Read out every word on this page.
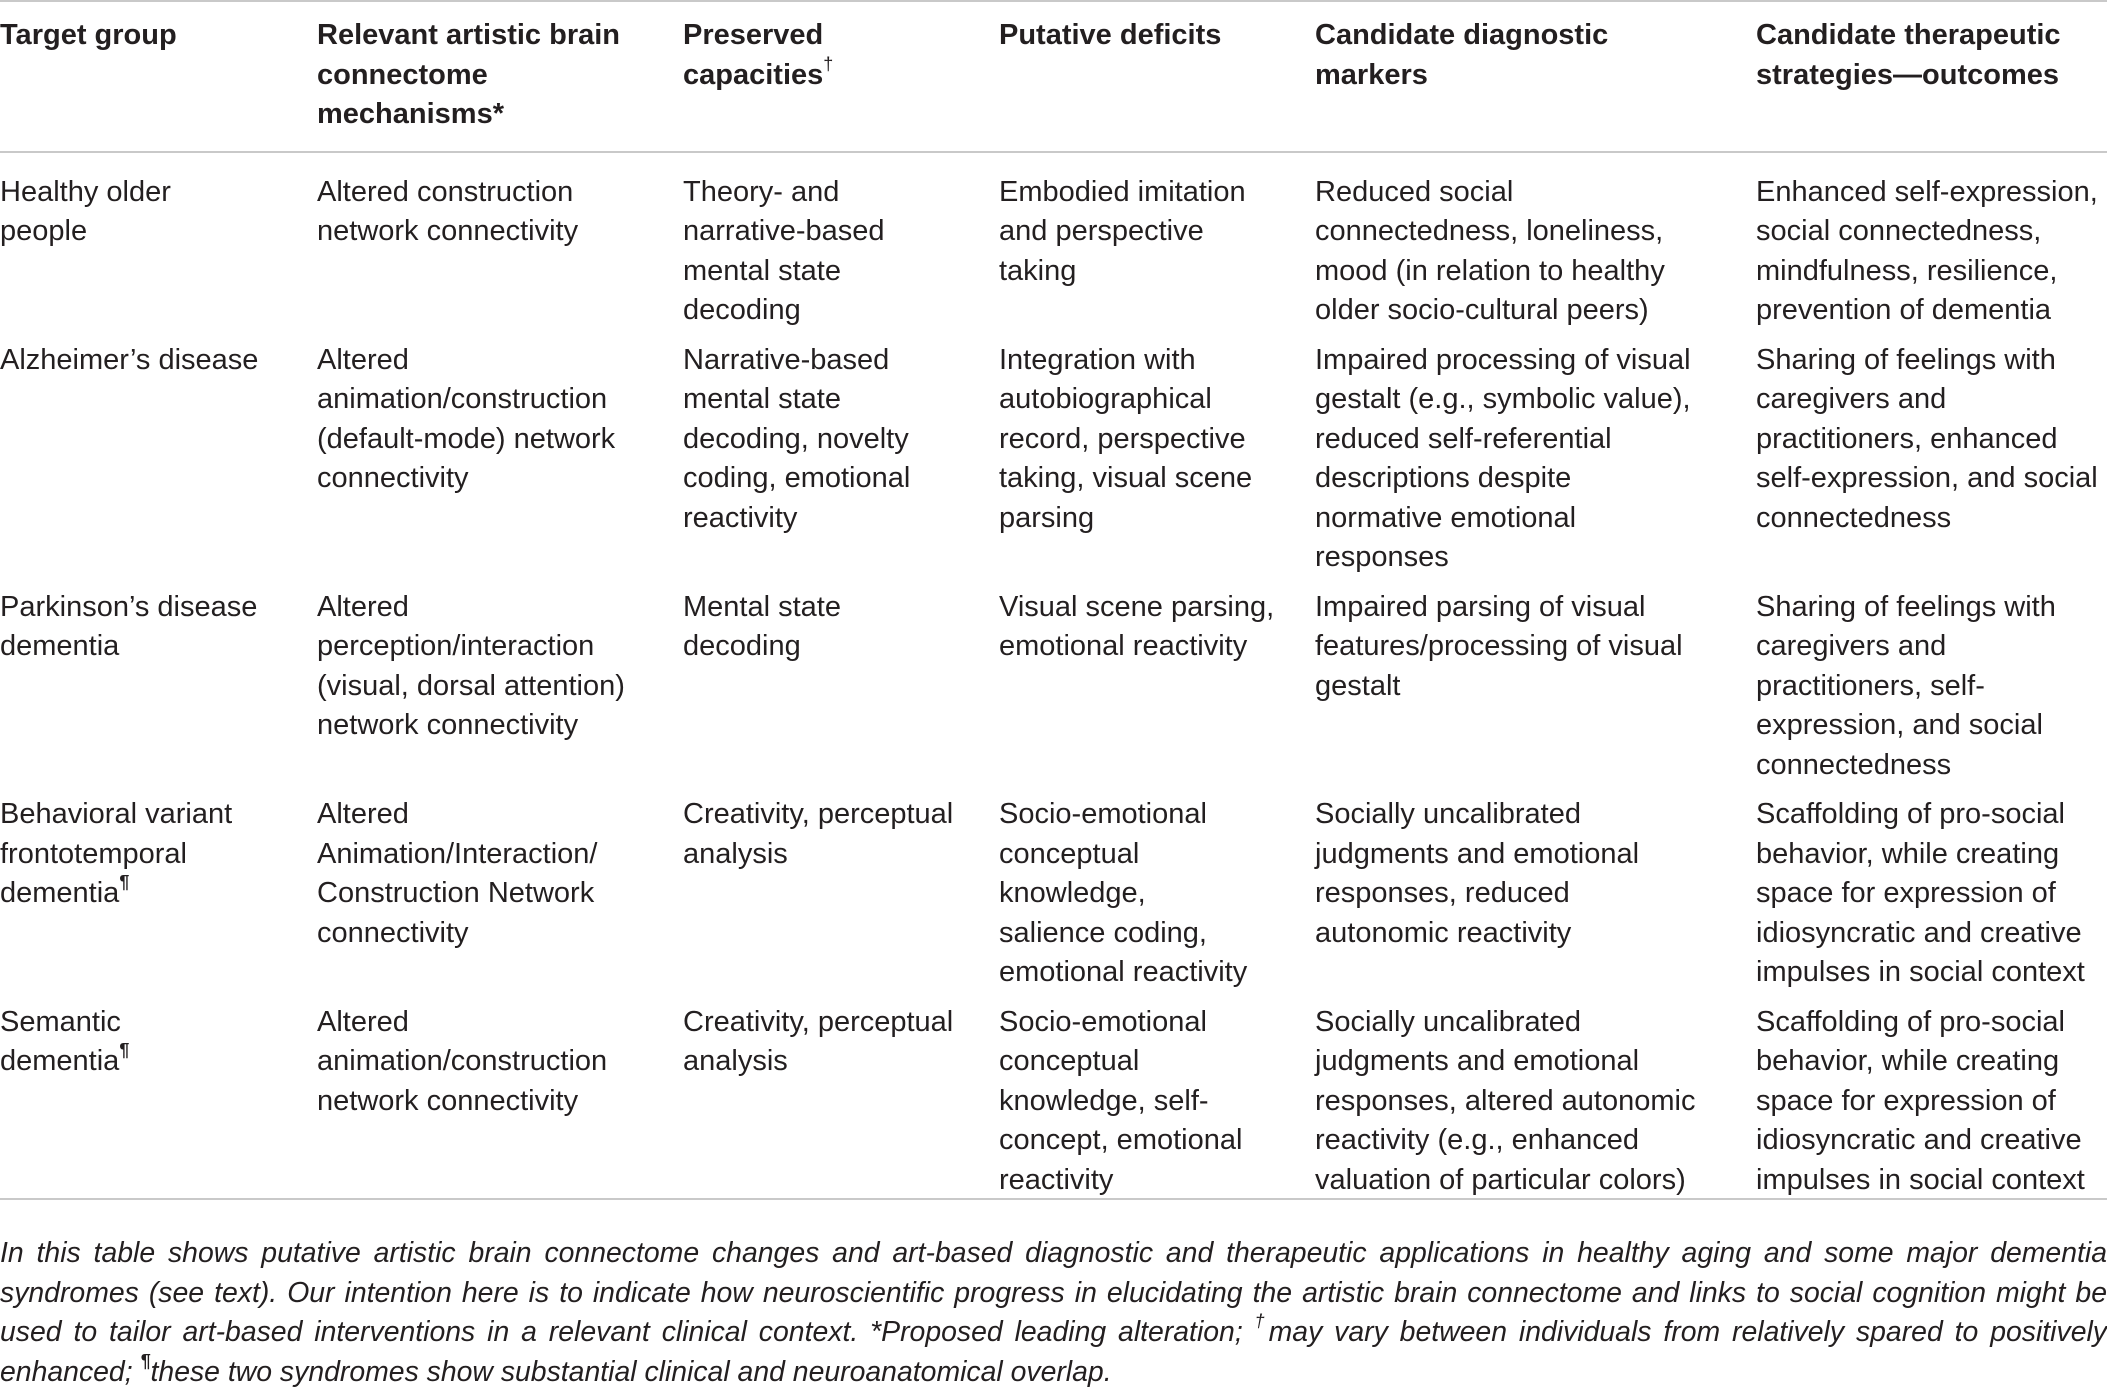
Target group	Relevant artistic brain connectome mechanisms*	Preserved capacities†	Putative deficits	Candidate diagnostic markers	Candidate therapeutic strategies—outcomes
Healthy older people	Altered construction network connectivity	Theory- and narrative-based mental state decoding	Embodied imitation and perspective taking	Reduced social connectedness, loneliness, mood (in relation to healthy older socio-cultural peers)	Enhanced self-expression, social connectedness, mindfulness, resilience, prevention of dementia
Alzheimer’s disease	Altered animation/construction (default-mode) network connectivity	Narrative-based mental state decoding, novelty coding, emotional reactivity	Integration with autobiographical record, perspective taking, visual scene parsing	Impaired processing of visual gestalt (e.g., symbolic value), reduced self-referential descriptions despite normative emotional responses	Sharing of feelings with caregivers and practitioners, enhanced self-expression, and social connectedness
Parkinson’s disease dementia	Altered perception/interaction (visual, dorsal attention) network connectivity	Mental state decoding	Visual scene parsing, emotional reactivity	Impaired parsing of visual features/processing of visual gestalt	Sharing of feelings with caregivers and practitioners, self-expression, and social connectedness
Behavioral variant frontotemporal dementia¶	Altered Animation/Interaction/ Construction Network connectivity	Creativity, perceptual analysis	Socio-emotional conceptual knowledge, salience coding, emotional reactivity	Socially uncalibrated judgments and emotional responses, reduced autonomic reactivity	Scaffolding of pro-social behavior, while creating space for expression of idiosyncratic and creative impulses in social context
Semantic dementia¶	Altered animation/construction network connectivity	Creativity, perceptual analysis	Socio-emotional conceptual knowledge, self-concept, emotional reactivity	Socially uncalibrated judgments and emotional responses, altered autonomic reactivity (e.g., enhanced valuation of particular colors)	Scaffolding of pro-social behavior, while creating space for expression of idiosyncratic and creative impulses in social context

In this table shows putative artistic brain connectome changes and art-based diagnostic and therapeutic applications in healthy aging and some major dementia syndromes (see text). Our intention here is to indicate how neuroscientific progress in elucidating the artistic brain connectome and links to social cognition might be used to tailor art-based interventions in a relevant clinical context. *Proposed leading alteration; †may vary between individuals from relatively spared to positively enhanced; ¶these two syndromes show substantial clinical and neuroanatomical overlap.
